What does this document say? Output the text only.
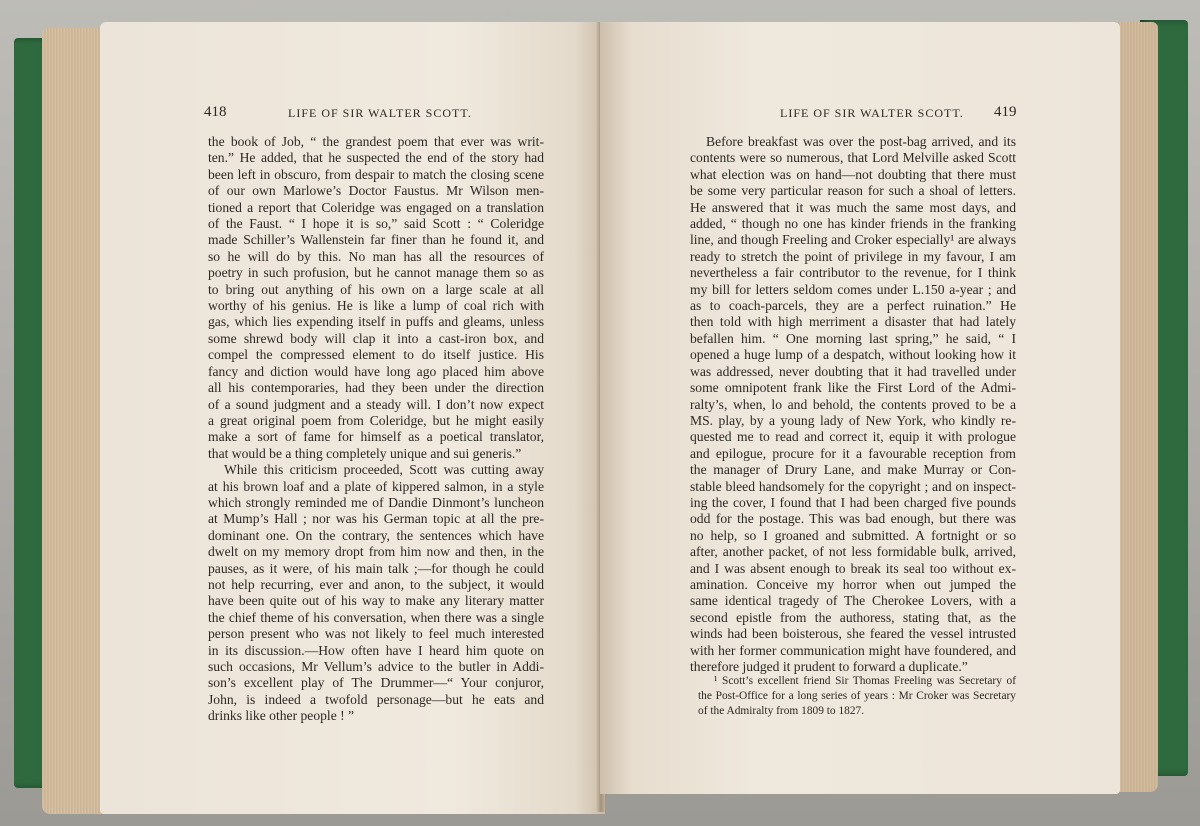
418	LIFE OF SIR WALTER SCOTT.
the book of Job, “ the grandest poem that ever was writ-
ten.” He added, that he suspected the end of the story had
been left in obscuro, from despair to match the closing scene
of our own Marlowe’s Doctor Faustus. Mr Wilson men-
tioned a report that Coleridge was engaged on a translation
of the Faust. “ I hope it is so,” said Scott : “ Coleridge
made Schiller’s Wallenstein far finer than he found it, and
so he will do by this. No man has all the resources of
poetry in such profusion, but he cannot manage them so as
to bring out anything of his own on a large scale at all
worthy of his genius. He is like a lump of coal rich with
gas, which lies expending itself in puffs and gleams, unless
some shrewd body will clap it into a cast-iron box, and
compel the compressed element to do itself justice. His
fancy and diction would have long ago placed him above
all his contemporaries, had they been under the direction
of a sound judgment and a steady will. I don’t now expect
a great original poem from Coleridge, but he might easily
make a sort of fame for himself as a poetical translator,
that would be a thing completely unique and sui generis.”
While this criticism proceeded, Scott was cutting away
at his brown loaf and a plate of kippered salmon, in a style
which strongly reminded me of Dandie Dinmont’s luncheon
at Mump’s Hall ; nor was his German topic at all the pre-
dominant one. On the contrary, the sentences which have
dwelt on my memory dropt from him now and then, in the
pauses, as it were, of his main talk ;—for though he could
not help recurring, ever and anon, to the subject, it would
have been quite out of his way to make any literary matter
the chief theme of his conversation, when there was a single
person present who was not likely to feel much interested
in its discussion.—How often have I heard him quote on
such occasions, Mr Vellum’s advice to the butler in Addi-
son’s excellent play of The Drummer—“ Your conjuror,
John, is indeed a twofold personage—but he eats and
drinks like other people ! ”
LIFE OF SIR WALTER SCOTT. 419
Before breakfast was over the post-bag arrived, and its
contents were so numerous, that Lord Melville asked Scott
what election was on hand—not doubting that there must
be some very particular reason for such a shoal of letters.
He answered that it was much the same most days, and
added, “ though no one has kinder friends in the franking
line, and though Freeling and Croker especially¹ are always
ready to stretch the point of privilege in my favour, I am
nevertheless a fair contributor to the revenue, for I think
my bill for letters seldom comes under L.150 a-year ; and
as to coach-parcels, they are a perfect ruination.” He
then told with high merriment a disaster that had lately
befallen him. “ One morning last spring,” he said, “ I
opened a huge lump of a despatch, without looking how it
was addressed, never doubting that it had travelled under
some omnipotent frank like the First Lord of the Admi-
ralty’s, when, lo and behold, the contents proved to be a
MS. play, by a young lady of New York, who kindly re-
quested me to read and correct it, equip it with prologue
and epilogue, procure for it a favourable reception from
the manager of Drury Lane, and make Murray or Con-
stable bleed handsomely for the copyright ; and on inspect-
ing the cover, I found that I had been charged five pounds
odd for the postage. This was bad enough, but there was
no help, so I groaned and submitted. A fortnight or so
after, another packet, of not less formidable bulk, arrived,
and I was absent enough to break its seal too without ex-
amination. Conceive my horror when out jumped the
same identical tragedy of The Cherokee Lovers, with a
second epistle from the authoress, stating that, as the
winds had been boisterous, she feared the vessel intrusted
with her former communication might have foundered, and
therefore judged it prudent to forward a duplicate.”
¹ Scott’s excellent friend Sir Thomas Freeling was Secretary of
the Post-Office for a long series of years : Mr Croker was Secretary
of the Admiralty from 1809 to 1827.
